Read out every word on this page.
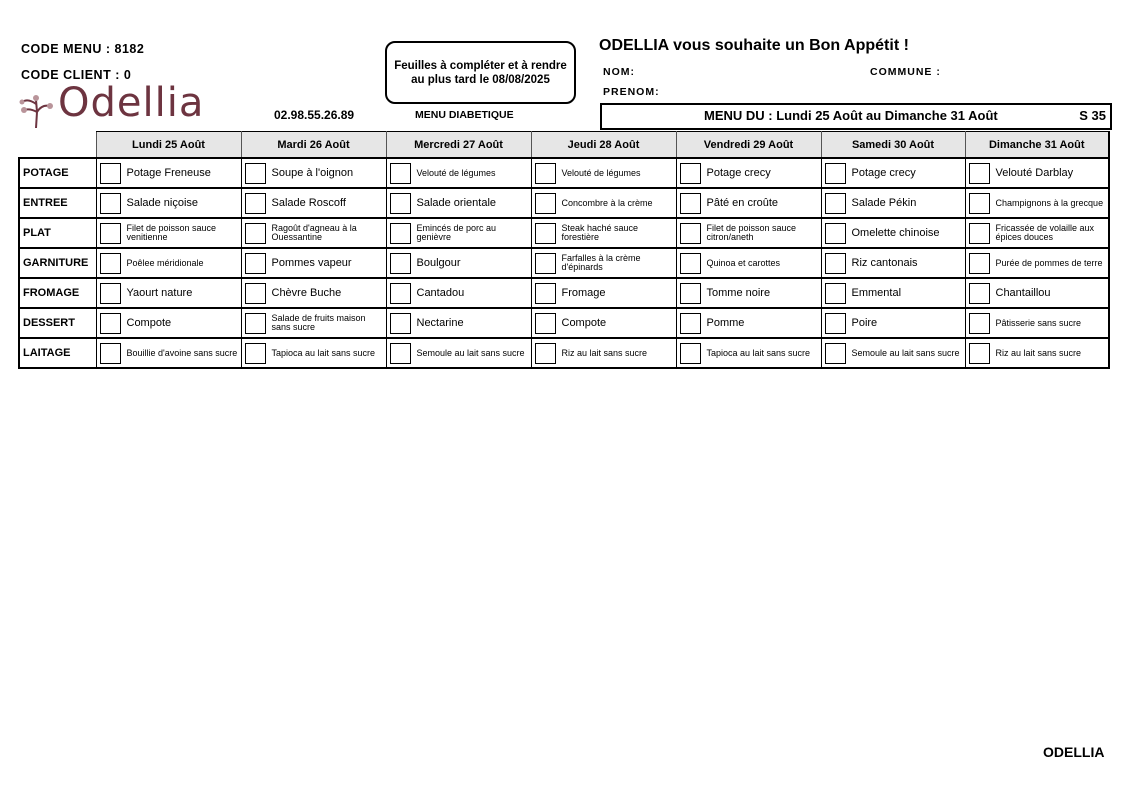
CODE MENU : 8182
CODE CLIENT : 0
Odellia	02.98.55.26.89	MENU DIABETIQUE
Feuilles à compléter et à rendre
au plus tard le 08/08/2025
ODELLIA vous souhaite un Bon Appétit !
NOM:	COMMUNE :
PRENOM:
MENU DU : Lundi 25 Août au Dimanche 31 Août	S 35
	Lundi 25 Août	Mardi 26 Août	Mercredi 27 Août	Jeudi 28 Août	Vendredi 29 Août	Samedi 30 Août	Dimanche 31 Août
POTAGE	Potage Freneuse	Soupe à l'oignon	Velouté de légumes	Velouté de légumes	Potage crecy	Potage crecy	Velouté Darblay

ENTREE	Salade niçoise	Salade Roscoff	Salade orientale	Concombre à la crème	Pâté en croûte	Salade Pékin	Champignons à la grecque

PLAT	Filet de poisson sauce venitienne	Ragoût d'agneau à la Ouessantine	Emincés de porc au genièvre	Steak haché sauce forestière	Filet de poisson sauce citron/aneth	Omelette chinoise	Fricassée de volaille aux épices douces

GARNITURE	Poêlee méridionale	Pommes vapeur	Boulgour	Farfalles à la crème d'épinards	Quinoa et carottes	Riz cantonais	Purée de pommes de terre

FROMAGE	Yaourt nature	Chèvre Buche	Cantadou	Fromage	Tomme noire	Emmental	Chantaillou

DESSERT	Compote	Salade de fruits maison sans sucre	Nectarine	Compote	Pomme	Poire	Pâtisserie sans sucre

LAITAGE	Bouillie d'avoine sans sucre	Tapioca au lait sans sucre	Semoule au lait sans sucre	Riz au lait sans sucre	Tapioca au lait sans sucre	Semoule au lait sans sucre	Riz au lait sans sucre
ODELLIA
